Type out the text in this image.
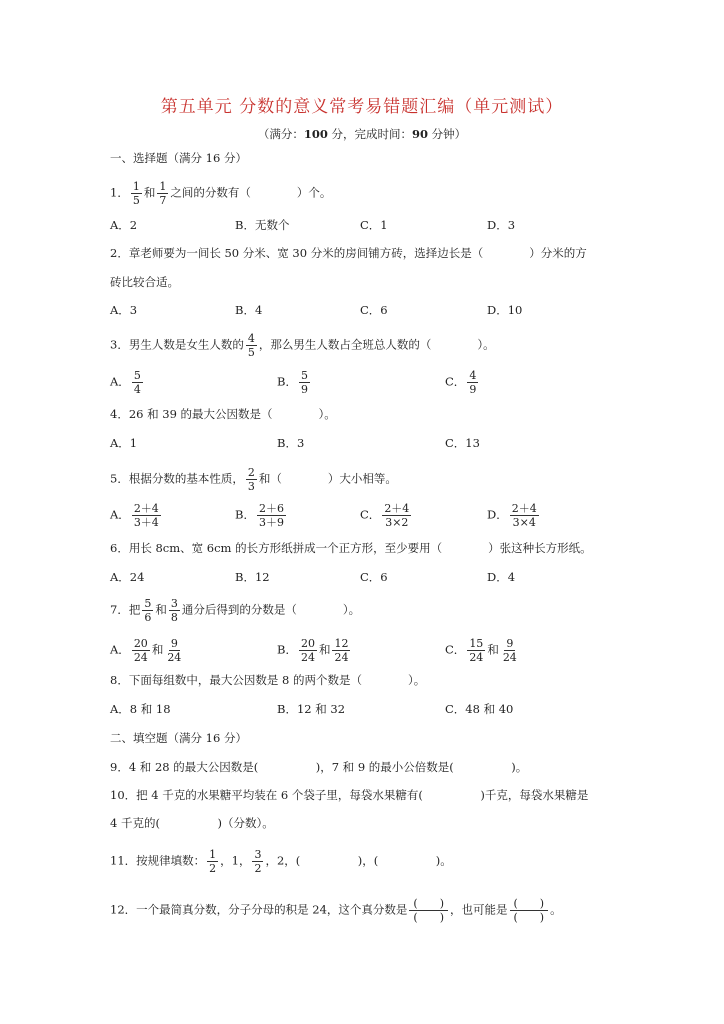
第五单元 分数的意义常考易错题汇编（单元测试）
（满分：100 分，完成时间：90 分钟）
一、选择题（满分 16 分）
1． $\frac{1}{5}$ 和 $\frac{1}{7}$ 之间的分数有（　　　　）个。
A．2	B．无数个	C．1	D．3
2．章老师要为一间长 50 分米、宽 30 分米的房间铺方砖，选择边长是（　　　　）分米的方
砖比较合适。
A．3	B．4	C．6	D．10
3．男生人数是女生人数的 $\frac{4}{5}$ ，那么男生人数占全班总人数的（　　　　）。
A． $\frac{5}{4}$	B． $\frac{5}{9}$	C． $\frac{4}{9}$
4．26 和 39 的最大公因数是（　　　　）。
A．1	B．3	C．13
5．根据分数的基本性质， $\frac{2}{3}$ 和（　　　　）大小相等。
A． $\frac{2+4}{3+4}$	B． $\frac{2+6}{3+9}$	C． $\frac{2+4}{3\times 2}$	D． $\frac{2+4}{3\times 4}$
6．用长 8cm、宽 6cm 的长方形纸拼成一个正方形，至少要用（　　　　）张这种长方形纸。
A．24	B．12	C．6	D．4
7．把 $\frac{5}{6}$ 和 $\frac{3}{8}$ 通分后得到的分数是（　　　　）。
A． $\frac{20}{24}$ 和 $\frac{9}{24}$	B． $\frac{20}{24}$ 和 $\frac{12}{24}$	C． $\frac{15}{24}$ 和 $\frac{9}{24}$
8．下面每组数中，最大公因数是 8 的两个数是（　　　　）。
A．8 和 18	B．12 和 32	C．48 和 40
二、填空题（满分 16 分）
9．4 和 28 的最大公因数是(　　　　　)，7 和 9 的最小公倍数是(　　　　　)。
10．把 4 千克的水果糖平均装在 6 个袋子里，每袋水果糖有(　　　　　)千克，每袋水果糖是
4 千克的(　　　　　)（分数）。
11．按规律填数： $\frac{1}{2}$ ，1， $\frac{3}{2}$ ，2，(　　　　　)，(　　　　　)。
12．一个最简真分数，分子分母的积是 24，这个真分数是 (　　)
(　　)
，也可能是 (　　)
(　　)
。
